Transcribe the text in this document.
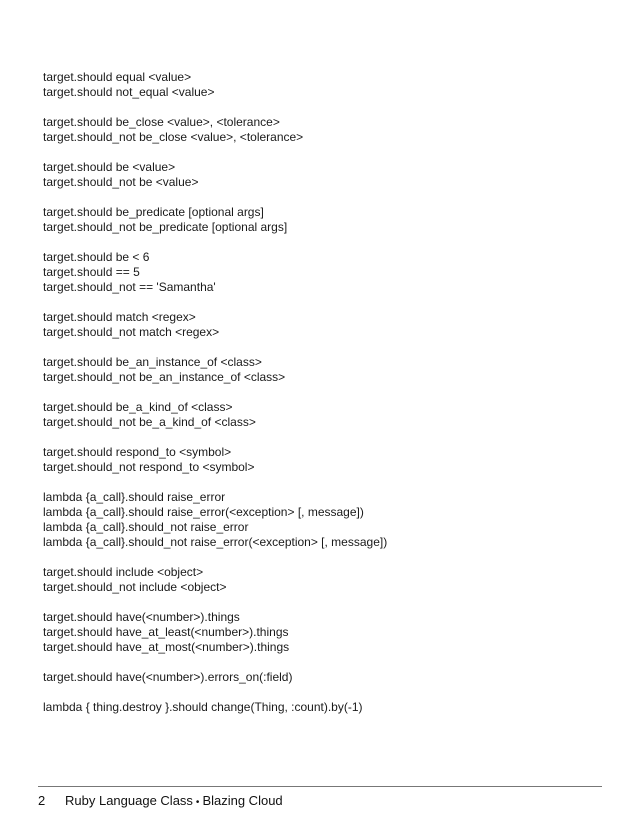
target.should equal <value>
target.should not_equal <value>
target.should be_close <value>, <tolerance>
target.should_not be_close <value>, <tolerance>
target.should be <value>
target.should_not be <value>
target.should be_predicate [optional args]
target.should_not be_predicate [optional args]
target.should be < 6
target.should == 5
target.should_not == 'Samantha'
target.should match <regex>
target.should_not match <regex>
target.should be_an_instance_of <class>
target.should_not be_an_instance_of <class>
target.should be_a_kind_of <class>
target.should_not be_a_kind_of <class>
target.should respond_to <symbol>
target.should_not respond_to <symbol>
lambda {a_call}.should raise_error
lambda {a_call}.should raise_error(<exception> [, message])
lambda {a_call}.should_not raise_error
lambda {a_call}.should_not raise_error(<exception> [, message])
target.should include <object>
target.should_not include <object>
target.should have(<number>).things
target.should have_at_least(<number>).things
target.should have_at_most(<number>).things
target.should have(<number>).errors_on(:field)
lambda { thing.destroy }.should change(Thing, :count).by(-1)
2 Ruby Language Class • Blazing Cloud
